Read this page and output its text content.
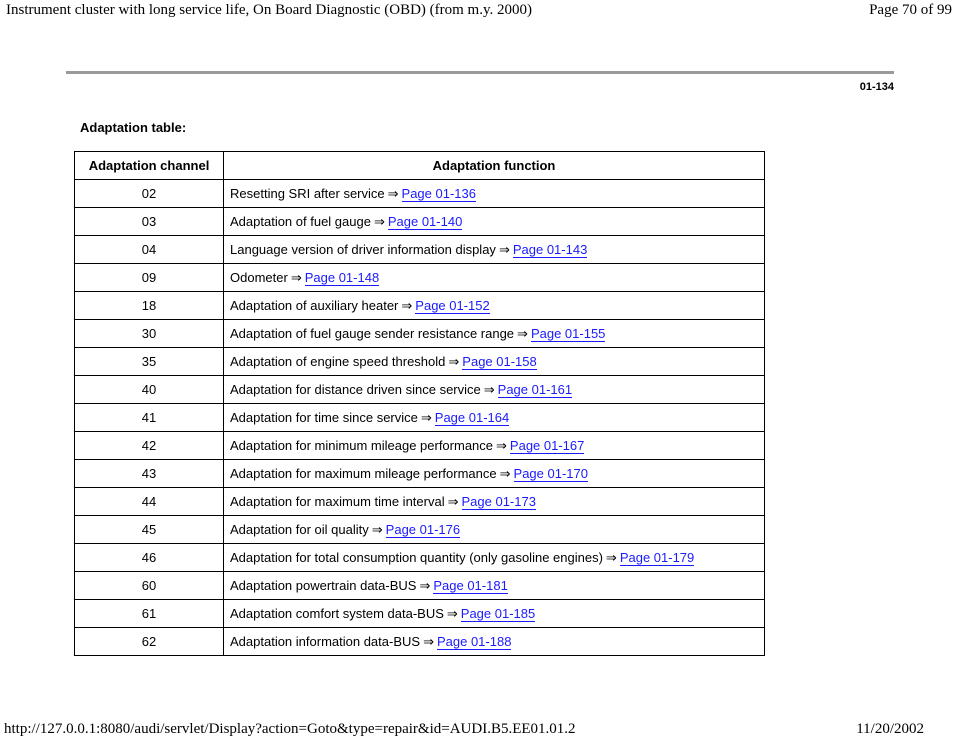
Instrument cluster with long service life, On Board Diagnostic (OBD) (from m.y. 2000)	Page 70 of 99
01-134
Adaptation table:
Adaptation channel	Adaptation function
02	Resetting SRI after service ⇒ Page 01-136
03	Adaptation of fuel gauge ⇒ Page 01-140
04	Language version of driver information display ⇒ Page 01-143
09	Odometer ⇒ Page 01-148
18	Adaptation of auxiliary heater ⇒ Page 01-152
30	Adaptation of fuel gauge sender resistance range ⇒ Page 01-155
35	Adaptation of engine speed threshold ⇒ Page 01-158
40	Adaptation for distance driven since service ⇒ Page 01-161
41	Adaptation for time since service ⇒ Page 01-164
42	Adaptation for minimum mileage performance ⇒ Page 01-167
43	Adaptation for maximum mileage performance ⇒ Page 01-170
44	Adaptation for maximum time interval ⇒ Page 01-173
45	Adaptation for oil quality ⇒ Page 01-176
46	Adaptation for total consumption quantity (only gasoline engines) ⇒ Page 01-179
60	Adaptation powertrain data-BUS ⇒ Page 01-181
61	Adaptation comfort system data-BUS ⇒ Page 01-185
62	Adaptation information data-BUS ⇒ Page 01-188
http://127.0.0.1:8080/audi/servlet/Display?action=Goto&type=repair&id=AUDI.B5.EE01.01.2	11/20/2002
